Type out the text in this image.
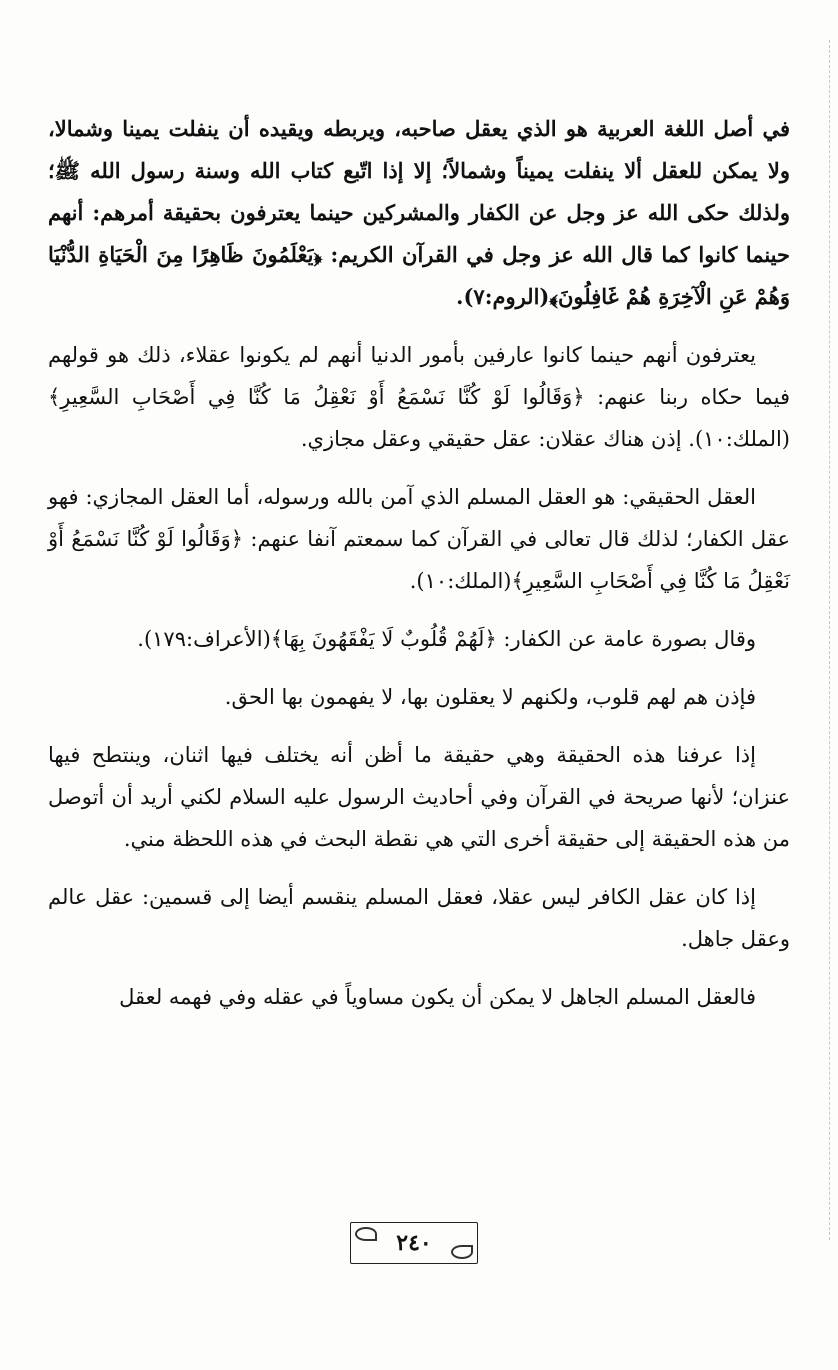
في أصل اللغة العربية هو الذي يعقل صاحبه، ويربطه ويقيده أن ينفلت يمينا وشمالا، ولا يمكن للعقل ألا ينفلت يميناً وشمالاً؛ إلا إذا اتّبع كتاب الله وسنة رسول الله ﷺ؛ ولذلك حكى الله عز وجل عن الكفار والمشركين حينما يعترفون بحقيقة أمرهم: أنهم حينما كانوا كما قال الله عز وجل في القرآن الكريم: ﴿يَعْلَمُونَ ظَاهِرًا مِنَ الْحَيَاةِ الدُّنْيَا وَهُمْ عَنِ الْآخِرَةِ هُمْ غَافِلُونَ﴾(الروم:٧).

يعترفون أنهم حينما كانوا عارفين بأمور الدنيا أنهم لم يكونوا عقلاء، ذلك هو قولهم فيما حكاه ربنا عنهم: ﴿وَقَالُوا لَوْ كُنَّا نَسْمَعُ أَوْ نَعْقِلُ مَا كُنَّا فِي أَصْحَابِ السَّعِيرِ﴾(الملك:١٠). إذن هناك عقلان: عقل حقيقي وعقل مجازي.

العقل الحقيقي: هو العقل المسلم الذي آمن بالله ورسوله، أما العقل المجازي: فهو عقل الكفار؛ لذلك قال تعالى في القرآن كما سمعتم آنفا عنهم: ﴿وَقَالُوا لَوْ كُنَّا نَسْمَعُ أَوْ نَعْقِلُ مَا كُنَّا فِي أَصْحَابِ السَّعِيرِ﴾(الملك:١٠).

وقال بصورة عامة عن الكفار: ﴿لَهُمْ قُلُوبٌ لَا يَفْقَهُونَ بِهَا﴾(الأعراف:١٧٩).

فإذن هم لهم قلوب، ولكنهم لا يعقلون بها، لا يفهمون بها الحق.

إذا عرفنا هذه الحقيقة وهي حقيقة ما أظن أنه يختلف فيها اثنان، وينتطح فيها عنزان؛ لأنها صريحة في القرآن وفي أحاديث الرسول عليه السلام لكني أريد أن أتوصل من هذه الحقيقة إلى حقيقة أخرى التي هي نقطة البحث في هذه اللحظة مني.

إذا كان عقل الكافر ليس عقلا، فعقل المسلم ينقسم أيضا إلى قسمين: عقل عالم وعقل جاهل.

فالعقل المسلم الجاهل لا يمكن أن يكون مساوياً في عقله وفي فهمه لعقل

٢٤٠
